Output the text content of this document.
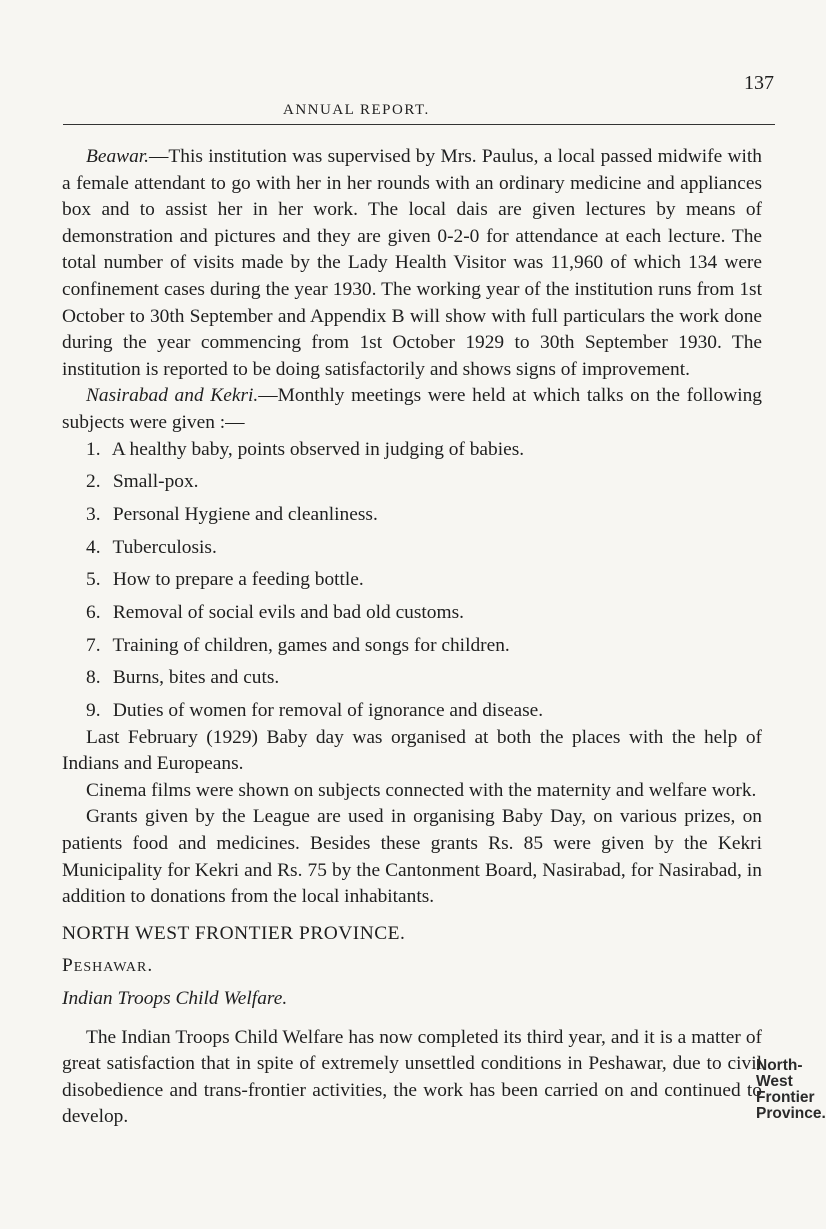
ANNUAL REPORT.
137

Beawar.—This institution was supervised by Mrs. Paulus, a local passed midwife with a female attendant to go with her in her rounds with an ordinary medicine and appliances box and to assist her in her work. The local dais are given lectures by means of demonstration and pictures and they are given 0-2-0 for attendance at each lecture. The total number of visits made by the Lady Health Visitor was 11,960 of which 134 were confinement cases during the year 1930. The working year of the institution runs from 1st October to 30th September and Appendix B will show with full particulars the work done during the year commencing from 1st October 1929 to 30th September 1930. The institution is reported to be doing satisfactorily and shows signs of improvement.

Nasirabad and Kekri.—Monthly meetings were held at which talks on the following subjects were given :—

1. A healthy baby, points observed in judging of babies.
2. Small-pox.
3. Personal Hygiene and cleanliness.
4. Tuberculosis.
5. How to prepare a feeding bottle.
6. Removal of social evils and bad old customs.
7. Training of children, games and songs for children.
8. Burns, bites and cuts.
9. Duties of women for removal of ignorance and disease.

Last February (1929) Baby day was organised at both the places with the help of Indians and Europeans.

Cinema films were shown on subjects connected with the maternity and welfare work.

Grants given by the League are used in organising Baby Day, on various prizes, on patients food and medicines. Besides these grants Rs. 85 were given by the Kekri Municipality for Kekri and Rs. 75 by the Cantonment Board, Nasirabad, for Nasirabad, in addition to donations from the local inhabitants.

NORTH WEST FRONTIER PROVINCE.

Peshawar.

Indian Troops Child Welfare.

The Indian Troops Child Welfare has now completed its third year, and it is a matter of great satisfaction that in spite of extremely unsettled conditions in Peshawar, due to civil disobedience and trans-frontier activities, the work has been carried on and continued to develop.

North-West
Frontier
Province.
